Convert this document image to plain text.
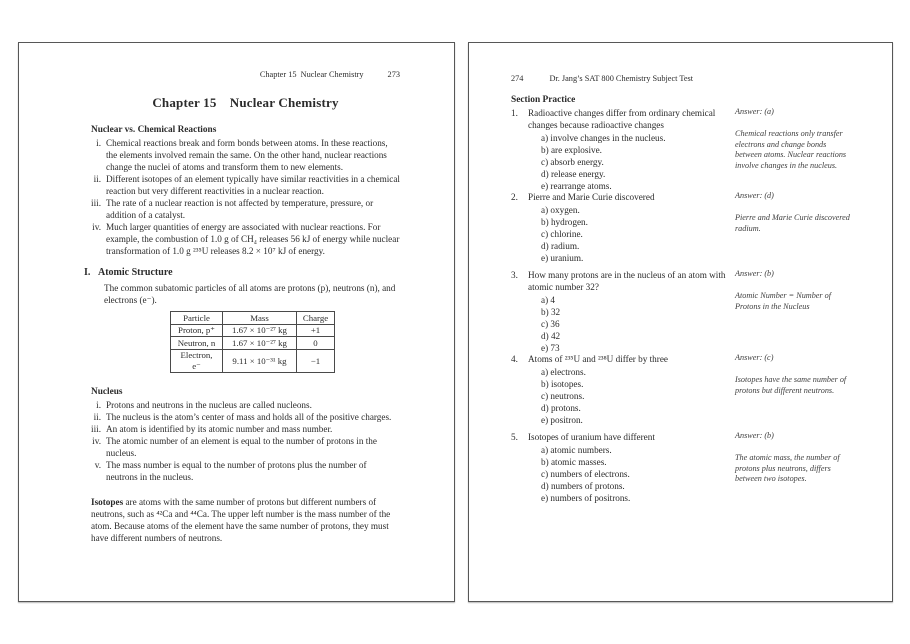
Chapter 15 Nuclear Chemistry	273
Chapter 15 Nuclear Chemistry
Nuclear vs. Chemical Reactions
i. Chemical reactions break and form bonds between atoms. In these reactions, the elements involved remain the same. On the other hand, nuclear reactions change the nuclei of atoms and transform them to new elements.
ii. Different isotopes of an element typically have similar reactivities in a chemical reaction but very different reactivities in a nuclear reaction.
iii. The rate of a nuclear reaction is not affected by temperature, pressure, or addition of a catalyst.
iv. Much larger quantities of energy are associated with nuclear reactions. For example, the combustion of 1.0 g of CH₄ releases 56 kJ of energy while nuclear transformation of 1.0 g ²³⁵U releases 8.2 × 10⁷ kJ of energy.
I. Atomic Structure
The common subatomic particles of all atoms are protons (p), neutrons (n), and electrons (e⁻).
Particle	Mass	Charge
Proton, p⁺	1.67 × 10⁻²⁷ kg	+1
Neutron, n	1.67 × 10⁻²⁷ kg	0
Electron, e⁻	9.11 × 10⁻³¹ kg	−1
Nucleus
i. Protons and neutrons in the nucleus are called nucleons.
ii. The nucleus is the atom’s center of mass and holds all of the positive charges.
iii. An atom is identified by its atomic number and mass number.
iv. The atomic number of an element is equal to the number of protons in the nucleus.
v. The mass number is equal to the number of protons plus the number of neutrons in the nucleus.
Isotopes are atoms with the same number of protons but different numbers of neutrons, such as ⁴²Ca and ⁴⁴Ca. The upper left number is the mass number of the atom. Because atoms of the element have the same number of protons, they must have different numbers of neutrons.
274	Dr. Jang’s SAT 800 Chemistry Subject Test
Section Practice
1.	Radioactive changes differ from ordinary chemical changes because radioactive changes
a) involve changes in the nucleus.
b) are explosive.
c) absorb energy.
d) release energy.
e) rearrange atoms.
Answer: (a)
Chemical reactions only transfer electrons and change bonds between atoms. Nuclear reactions involve changes in the nucleus.
2.	Pierre and Marie Curie discovered
a) oxygen.
b) hydrogen.
c) chlorine.
d) radium.
e) uranium.
Answer: (d)
Pierre and Marie Curie discovered radium.
3.	How many protons are in the nucleus of an atom with atomic number 32?
a) 4
b) 32
c) 36
d) 42
e) 73
Answer: (b)
Atomic Number = Number of Protons in the Nucleus
4.	Atoms of ²³⁵U and ²³⁸U differ by three
a) electrons.
b) isotopes.
c) neutrons.
d) protons.
e) positron.
Answer: (c)
Isotopes have the same number of protons but different neutrons.
5.	Isotopes of uranium have different
a) atomic numbers.
b) atomic masses.
c) numbers of electrons.
d) numbers of protons.
e) numbers of positrons.
Answer: (b)
The atomic mass, the number of protons plus neutrons, differs between two isotopes.
